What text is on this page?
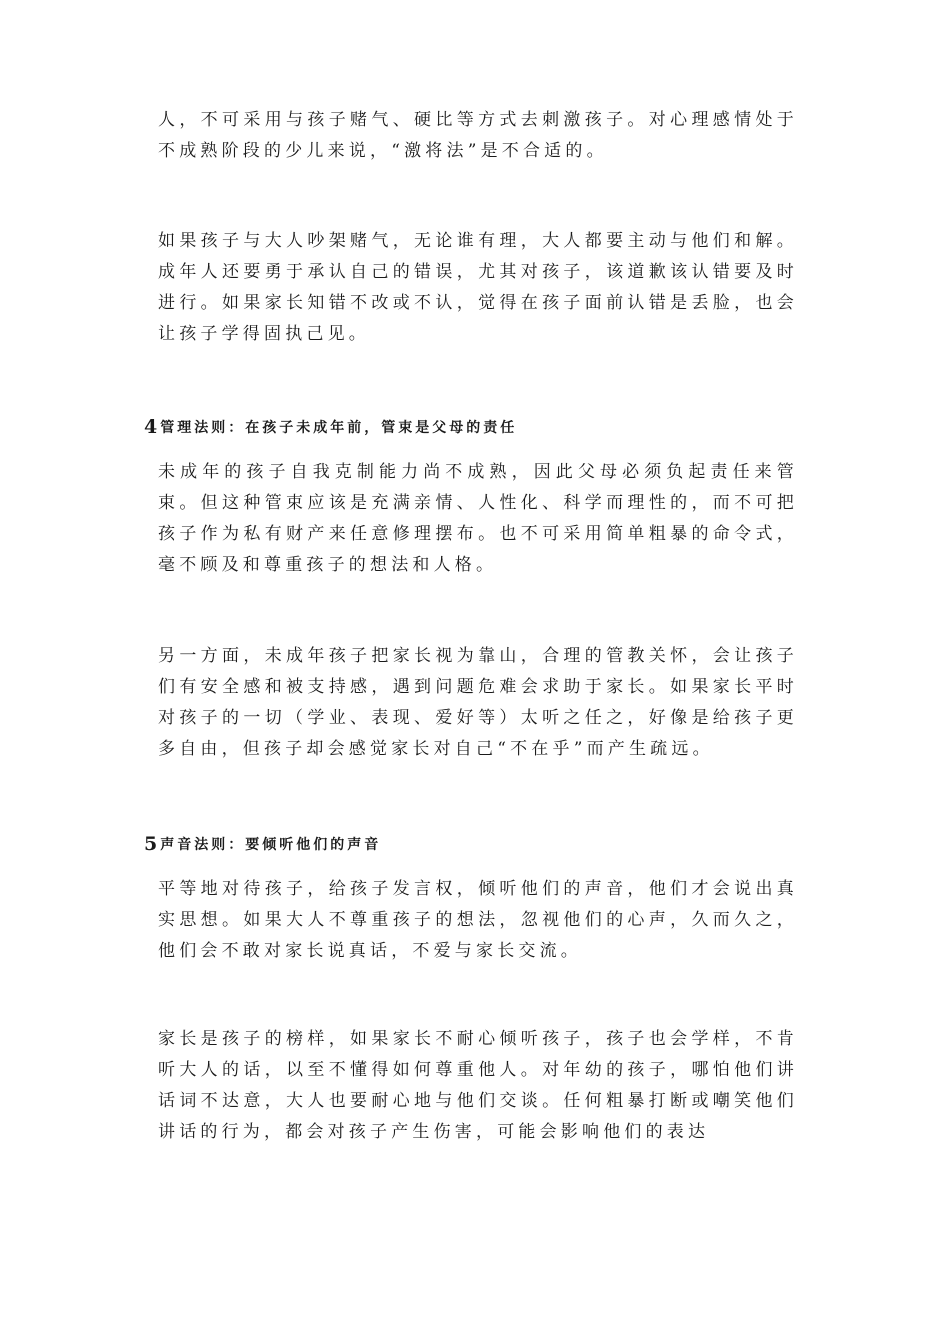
人，不可采用与孩子赌气、硬比等方式去刺激孩子。对心理感情处于不成熟阶段的少儿来说，“激将法”是不合适的。

如果孩子与大人吵架赌气，无论谁有理，大人都要主动与他们和解。成年人还要勇于承认自己的错误，尤其对孩子，该道歉该认错要及时进行。如果家长知错不改或不认，觉得在孩子面前认错是丢脸，也会让孩子学得固执己见。

4 管理法则：在孩子未成年前，管束是父母的责任

未成年的孩子自我克制能力尚不成熟，因此父母必须负起责任来管束。但这种管束应该是充满亲情、人性化、科学而理性的，而不可把孩子作为私有财产来任意修理摆布。也不可采用简单粗暴的命令式，毫不顾及和尊重孩子的想法和人格。

另一方面，未成年孩子把家长视为靠山，合理的管教关怀，会让孩子们有安全感和被支持感，遇到问题危难会求助于家长。如果家长平时对孩子的一切（学业、表现、爱好等）太听之任之，好像是给孩子更多自由，但孩子却会感觉家长对自己“不在乎”而产生疏远。

5 声音法则：要倾听他们的声音

平等地对待孩子，给孩子发言权，倾听他们的声音，他们才会说出真实思想。如果大人不尊重孩子的想法，忽视他们的心声，久而久之，他们会不敢对家长说真话，不爱与家长交流。

家长是孩子的榜样，如果家长不耐心倾听孩子，孩子也会学样，不肯听大人的话，以至不懂得如何尊重他人。对年幼的孩子，哪怕他们讲话词不达意，大人也要耐心地与他们交谈。任何粗暴打断或嘲笑他们讲话的行为，都会对孩子产生伤害，可能会影响他们的表达
